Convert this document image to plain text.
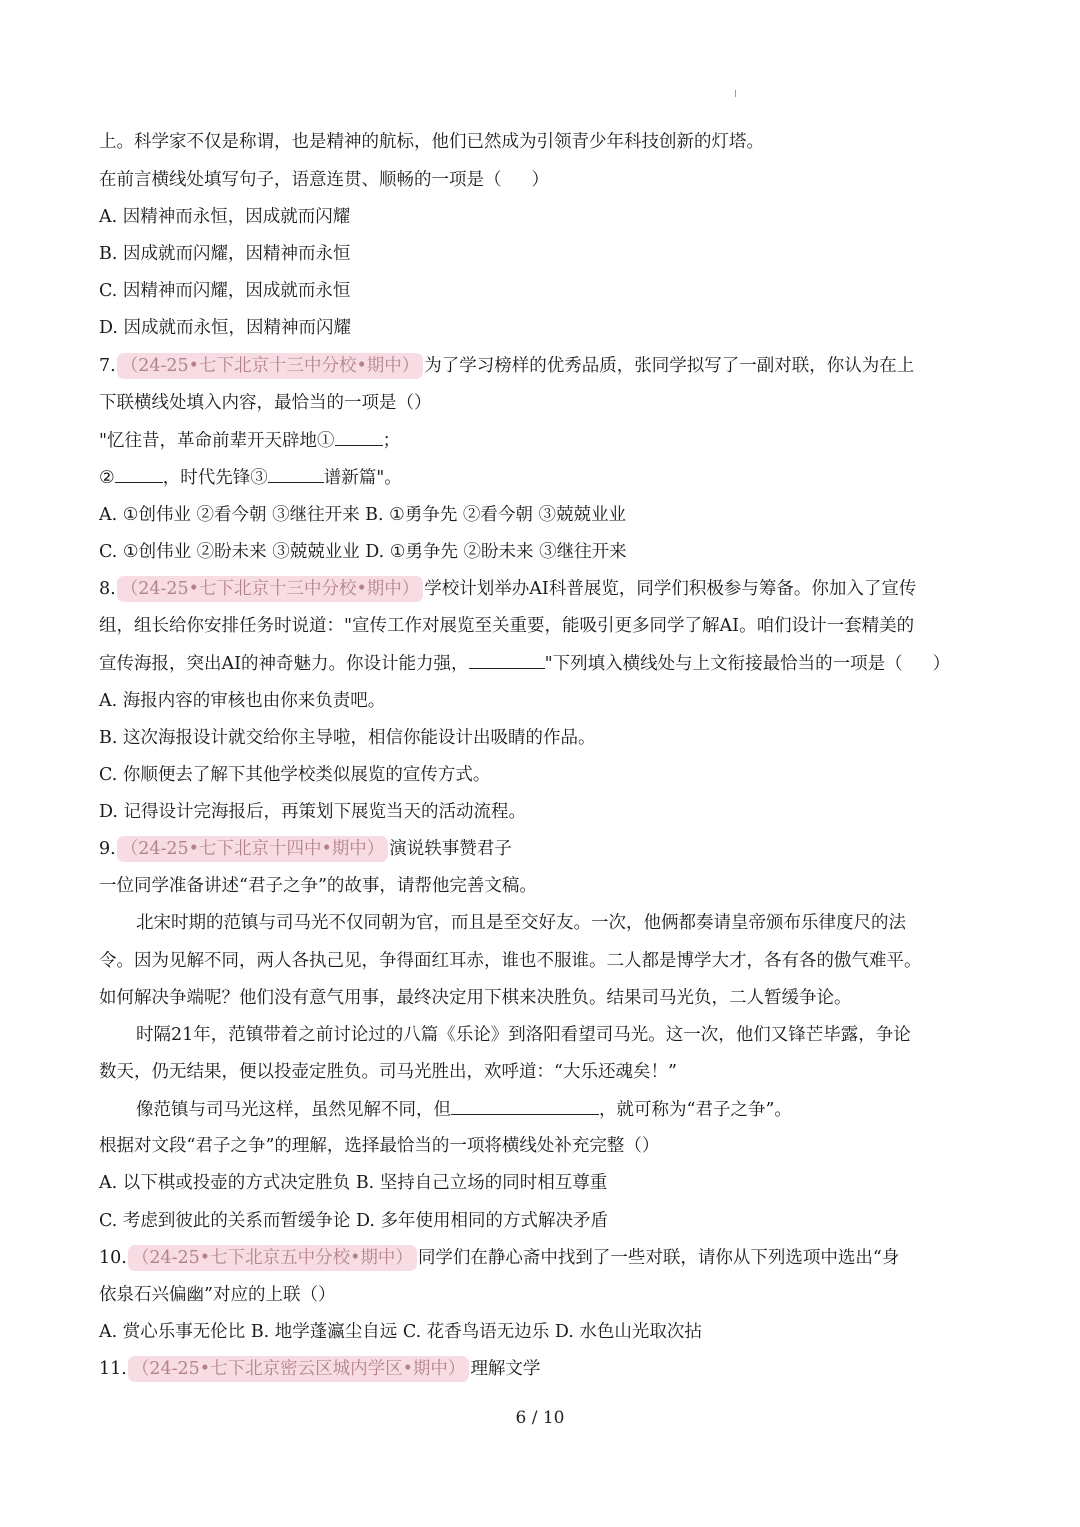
上。科学家不仅是称谓，也是精神的航标，他们已然成为引领青少年科技创新的灯塔。
在前言横线处填写句子，语意连贯、顺畅的一项是（ ）
A. 因精神而永恒，因成就而闪耀
B. 因成就而闪耀，因精神而永恒
C. 因精神而闪耀，因成就而永恒
D. 因成就而永恒，因精神而闪耀
7. （24-25•七下北京十三中分校•期中） 为了学习榜样的优秀品质，张同学拟写了一副对联，你认为在上
下联横线处填入内容，最恰当的一项是（）
"忆往昔，革命前辈开天辟地①	；
②	，时代先锋③	谱新篇"。
A. ①创伟业 ②看今朝 ③继往开来 B. ①勇争先 ②看今朝 ③兢兢业业
C. ①创伟业 ②盼未来 ③兢兢业业 D. ①勇争先 ②盼未来 ③继往开来
8. （24-25•七下北京十三中分校•期中） 学校计划举办AI科普展览，同学们积极参与筹备。你加入了宣传
组，组长给你安排任务时说道："宣传工作对展览至关重要，能吸引更多同学了解AI。咱们设计一套精美的
宣传海报，突出AI的神奇魅力。你设计能力强，	"下列填入横线处与上文衔接最恰当的一项是（ ）
A. 海报内容的审核也由你来负责吧。
B. 这次海报设计就交给你主导啦，相信你能设计出吸睛的作品。
C. 你顺便去了解下其他学校类似展览的宣传方式。
D. 记得设计完海报后，再策划下展览当天的活动流程。
9. （24-25•七下北京十四中•期中） 演说轶事赞君子
一位同学准备讲述“君子之争”的故事，请帮他完善文稿。
北宋时期的范镇与司马光不仅同朝为官，而且是至交好友。一次，他俩都奏请皇帝颁布乐律度尺的法
令。因为见解不同，两人各执己见，争得面红耳赤，谁也不服谁。二人都是博学大才，各有各的傲气难平。
如何解决争端呢？他们没有意气用事，最终决定用下棋来决胜负。结果司马光负，二人暂缓争论。
时隔21年，范镇带着之前讨论过的八篇《乐论》到洛阳看望司马光。这一次，他们又锋芒毕露，争论
数天，仍无结果，便以投壶定胜负。司马光胜出，欢呼道：“大乐还魂矣！”
像范镇与司马光这样，虽然见解不同，但	，就可称为“君子之争”。
根据对文段“君子之争”的理解，选择最恰当的一项将横线处补充完整（）
A. 以下棋或投壶的方式决定胜负 B. 坚持自己立场的同时相互尊重
C. 考虑到彼此的关系而暂缓争论 D. 多年使用相同的方式解决矛盾
10. （24-25•七下北京五中分校•期中） 同学们在静心斋中找到了一些对联，请你从下列选项中选出“身
依泉石兴偏幽”对应的上联（）
A. 赏心乐事无伦比 B. 地学蓬瀛尘自远 C. 花香鸟语无边乐 D. 水色山光取次拈
11. （24-25•七下北京密云区城内学区•期中） 理解文学
6 / 10
